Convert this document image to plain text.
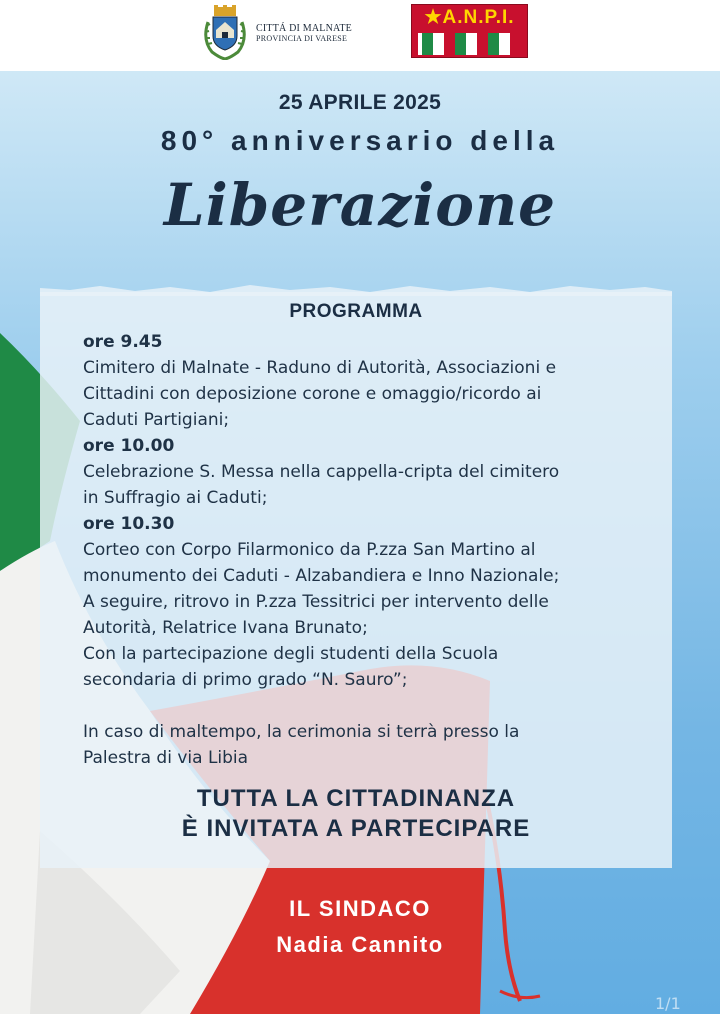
CITTÁ DI MALNATE
PROVINCIA DI VARESE
★A.N.P.I.
25 APRILE 2025
80° anniversario della
Liberazione
PROGRAMMA
ore 9.45
Cimitero di Malnate - Raduno di Autorità, Associazioni e
Cittadini con deposizione corone e omaggio/ricordo ai
Caduti Partigiani;
ore 10.00
Celebrazione S. Messa nella cappella-cripta del cimitero
in Suffragio ai Caduti;
ore 10.30
Corteo con Corpo Filarmonico da P.zza San Martino al
monumento dei Caduti - Alzabandiera e Inno Nazionale;
A seguire, ritrovo in P.zza Tessitrici per intervento delle
Autorità, Relatrice Ivana Brunato;
Con la partecipazione degli studenti della Scuola
secondaria di primo grado “N. Sauro”;
In caso di maltempo, la cerimonia si terrà presso la
Palestra di via Libia
TUTTA LA CITTADINANZA
È INVITATA A PARTECIPARE
IL SINDACO
Nadia Cannito
1/1
